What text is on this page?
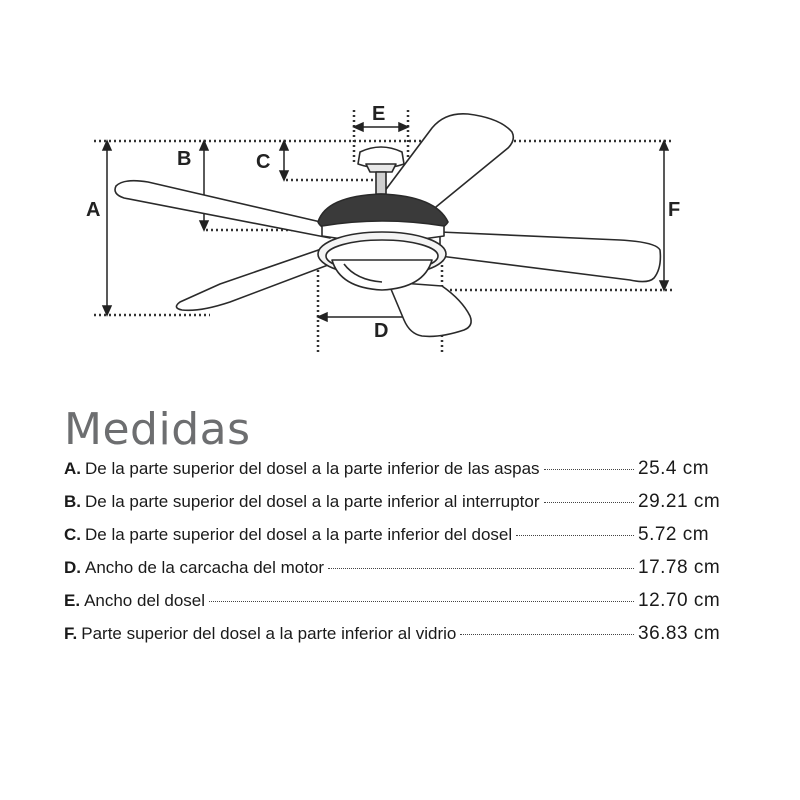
A
B	C
D
E
F
Medidas
A. De la parte superior del dosel a la parte inferior de las aspas	25.4 cm
B. De la parte superior del dosel a la parte inferior al interruptor	29.21 cm
C. De la parte superior del dosel a la parte inferior del dosel	5.72 cm
D. Ancho de la carcacha del motor	17.78 cm
E. Ancho del dosel	12.70 cm
F. Parte superior del dosel a la parte inferior al vidrio	36.83 cm
